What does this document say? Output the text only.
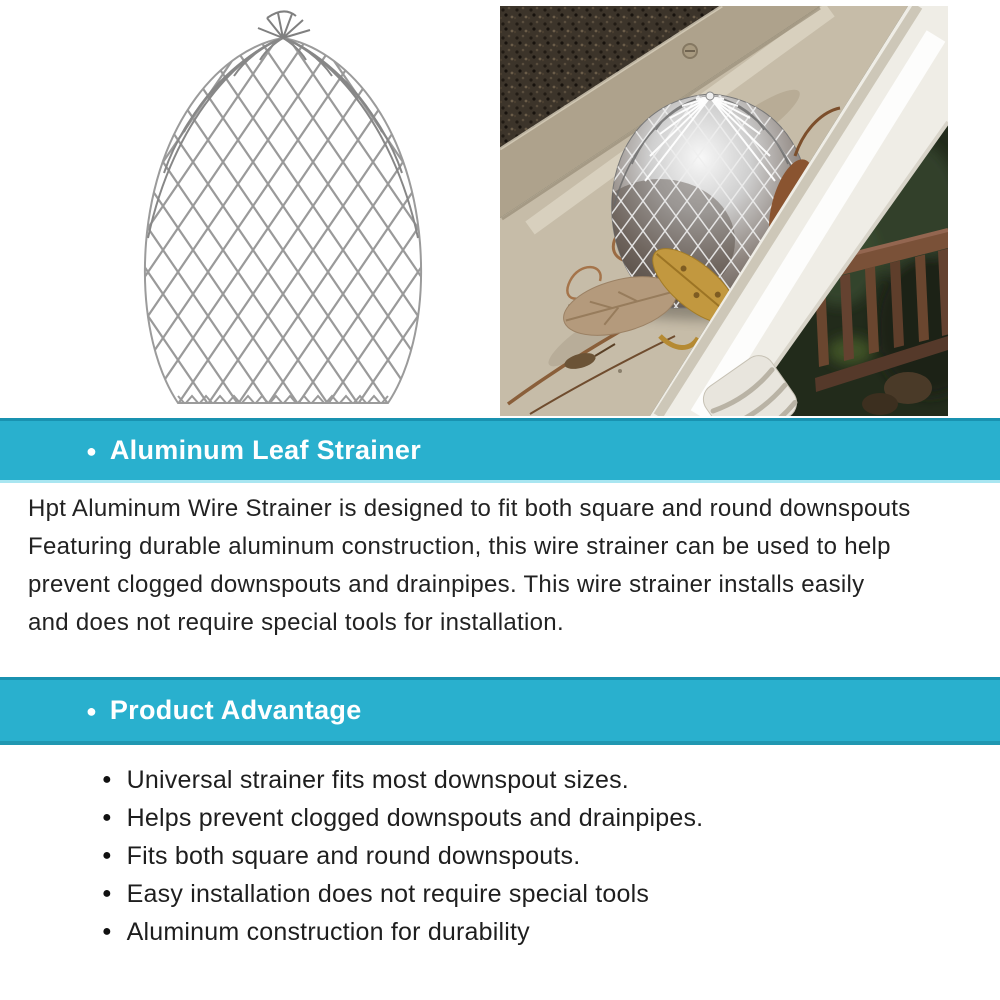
● Aluminum Leaf Strainer
Hpt Aluminum Wire Strainer is designed to fit both square and round downspouts
Featuring durable aluminum construction, this wire strainer can be used to help
prevent clogged downspouts and drainpipes. This wire strainer installs easily
and does not require special tools for installation.
● Product Advantage
● Universal strainer fits most downspout sizes.
● Helps prevent clogged downspouts and drainpipes.
● Fits both square and round downspouts.
● Easy installation does not require special tools
● Aluminum construction for durability
